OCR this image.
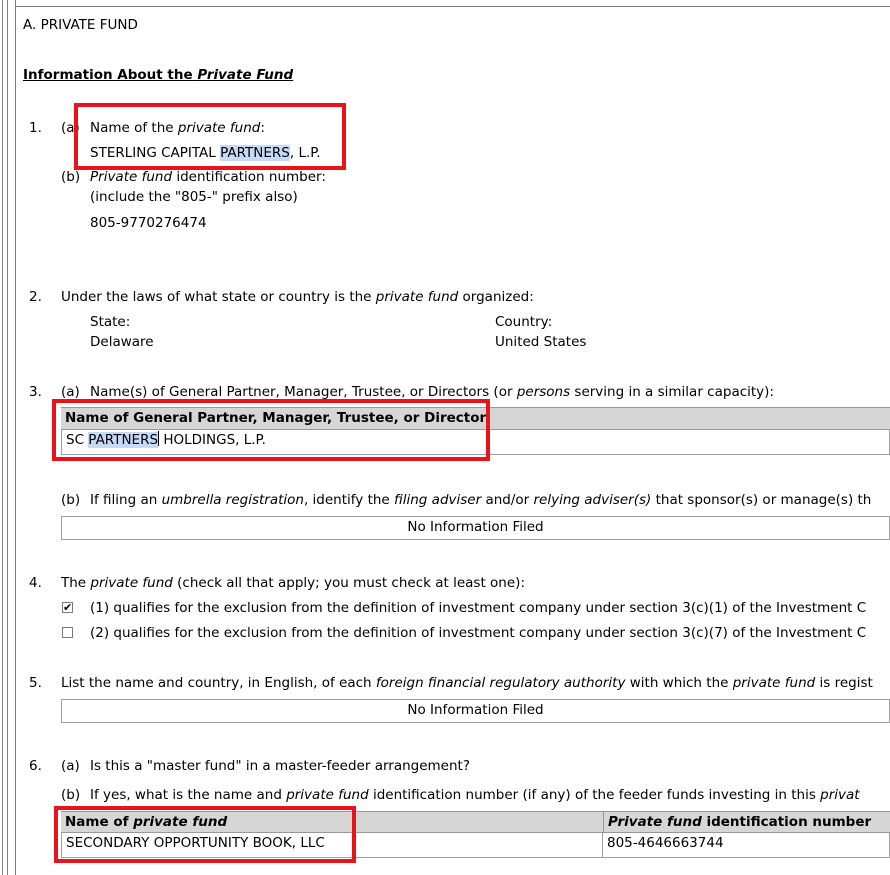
A. PRIVATE FUND
Information About the Private Fund
1. (a) Name of the private fund:
STERLING CAPITAL PARTNERS, L.P.
(b) Private fund identification number:
(include the "805-" prefix also)
805-9770276474
2. Under the laws of what state or country is the private fund organized:
State:
Delaware
Country:
United States
3. (a) Name(s) of General Partner, Manager, Trustee, or Directors (or persons serving in a similar capacity):
Name of General Partner, Manager, Trustee, or Director
SC PARTNERS HOLDINGS, L.P.
(b) If filing an umbrella registration, identify the filing adviser and/or relying adviser(s) that sponsor(s) or manage(s) th
No Information Filed
4. The private fund (check all that apply; you must check at least one):
✔ (1) qualifies for the exclusion from the definition of investment company under section 3(c)(1) of the Investment C
(2) qualifies for the exclusion from the definition of investment company under section 3(c)(7) of the Investment C
5. List the name and country, in English, of each foreign financial regulatory authority with which the private fund is regist
No Information Filed
6. (a) Is this a "master fund" in a master-feeder arrangement?
(b) If yes, what is the name and private fund identification number (if any) of the feeder funds investing in this privat
Name of private fund	Private fund identification number
SECONDARY OPPORTUNITY BOOK, LLC	805-4646663744
